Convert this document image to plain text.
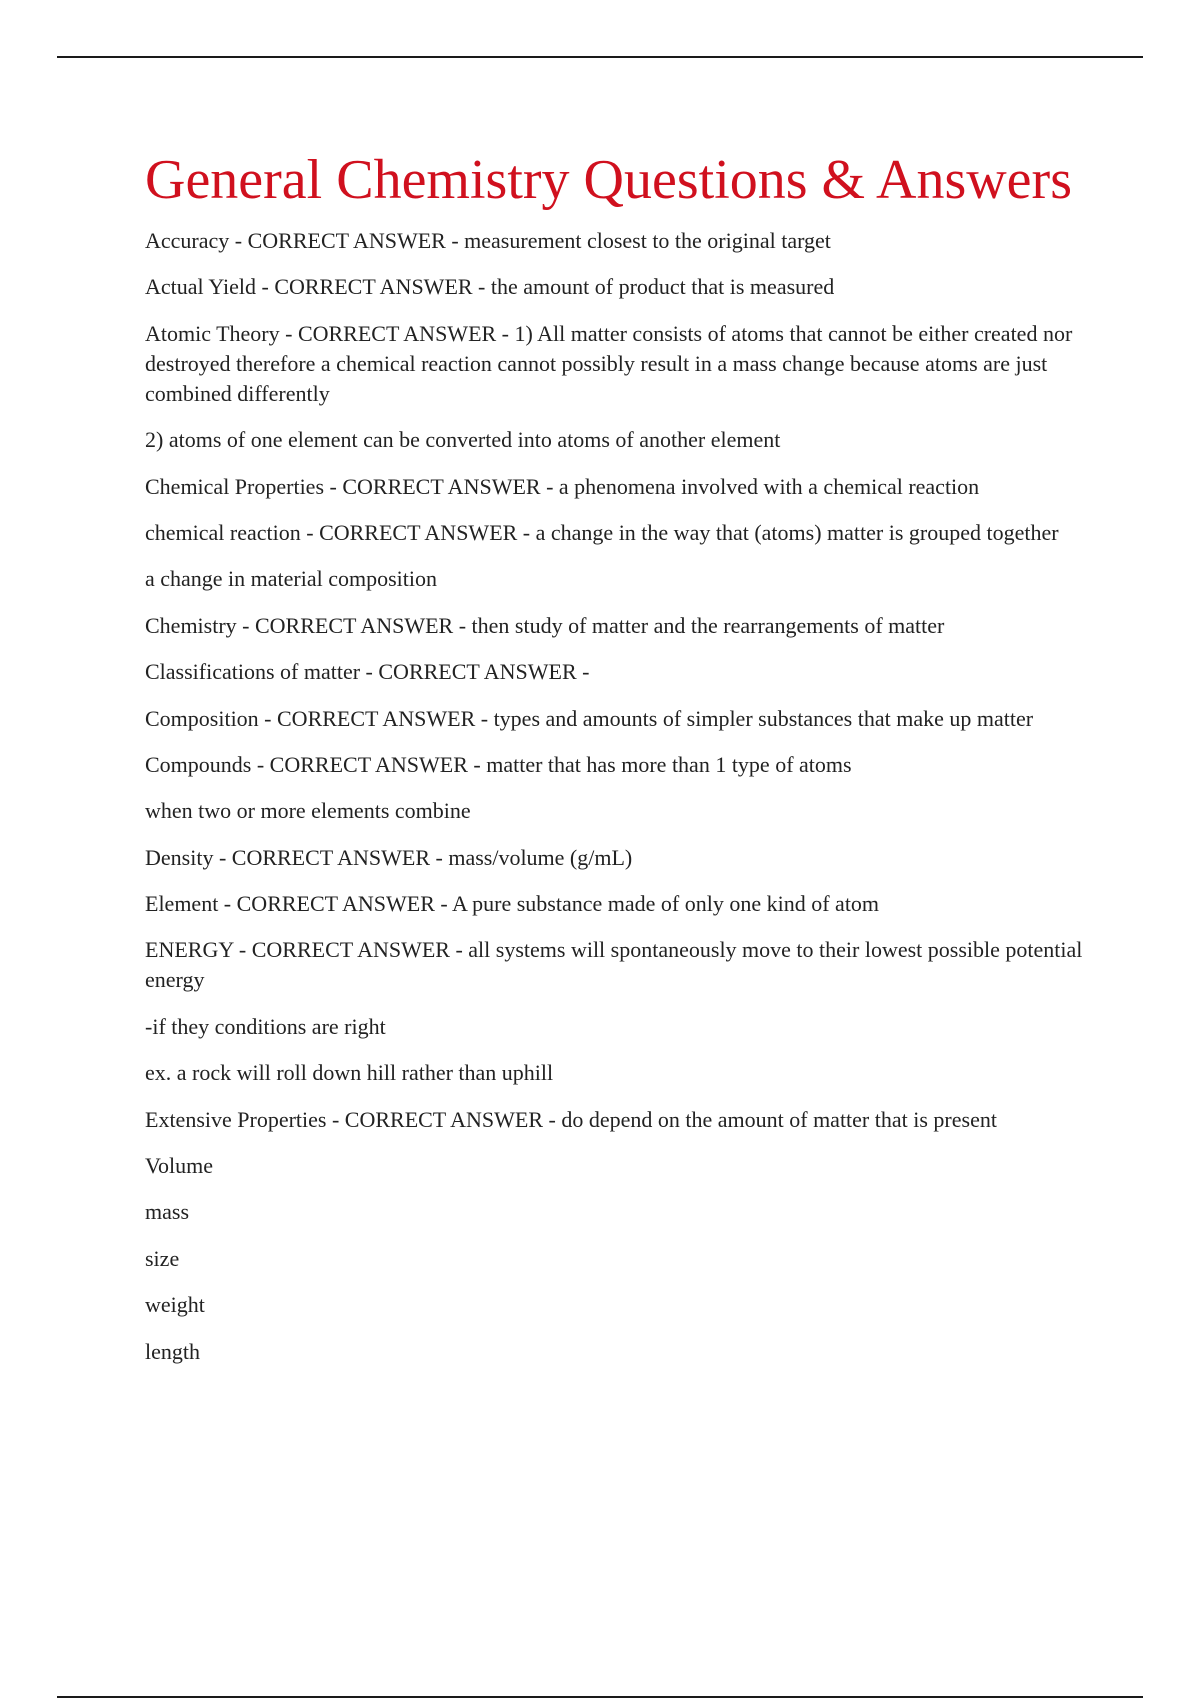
General Chemistry Questions & Answers

Accuracy - CORRECT ANSWER - measurement closest to the original target

Actual Yield - CORRECT ANSWER - the amount of product that is measured

Atomic Theory - CORRECT ANSWER - 1) All matter consists of atoms that cannot be either created nor destroyed therefore a chemical reaction cannot possibly result in a mass change because atoms are just combined differently

2) atoms of one element can be converted into atoms of another element

Chemical Properties - CORRECT ANSWER - a phenomena involved with a chemical reaction

chemical reaction - CORRECT ANSWER - a change in the way that (atoms) matter is grouped together

a change in material composition

Chemistry - CORRECT ANSWER - then study of matter and the rearrangements of matter

Classifications of matter - CORRECT ANSWER -

Composition - CORRECT ANSWER - types and amounts of simpler substances that make up matter

Compounds - CORRECT ANSWER - matter that has more than 1 type of atoms

when two or more elements combine

Density - CORRECT ANSWER - mass/volume (g/mL)

Element - CORRECT ANSWER - A pure substance made of only one kind of atom

ENERGY - CORRECT ANSWER - all systems will spontaneously move to their lowest possible potential energy

-if they conditions are right

ex. a rock will roll down hill rather than uphill

Extensive Properties - CORRECT ANSWER - do depend on the amount of matter that is present

Volume

mass

size

weight

length
